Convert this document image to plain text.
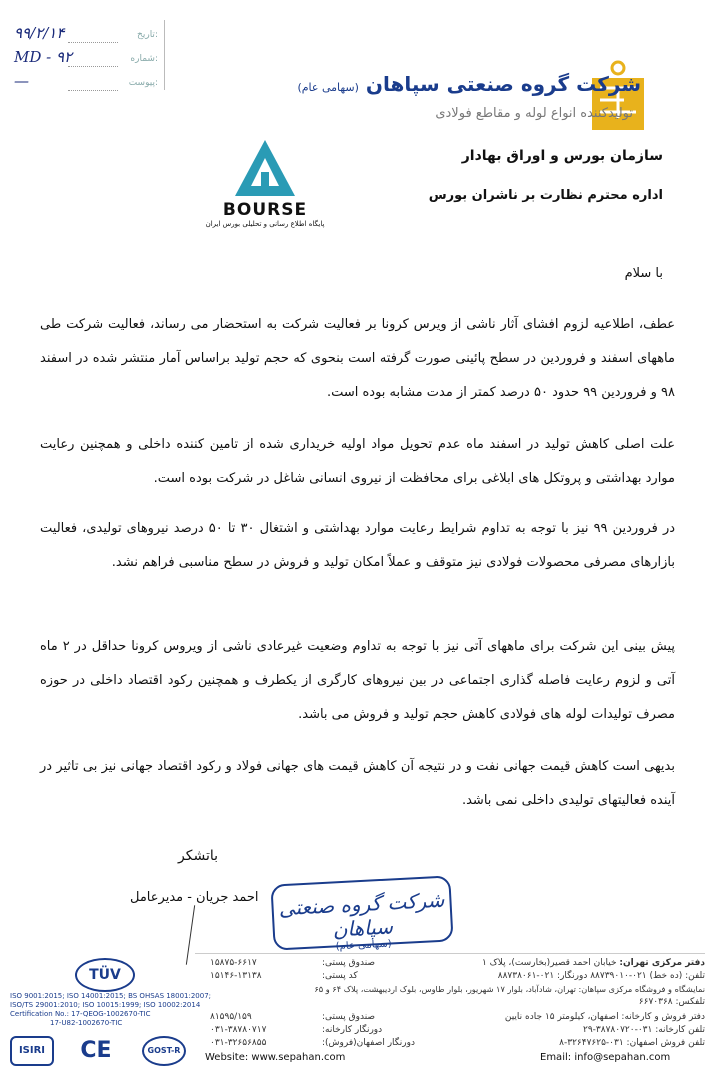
۹۹/۲/۱۴	تاریخ:
MD - ۹۲	شماره:
—	پیوست:	شرکت گروه صنعتی سپاهان (سهامی عام)
تولیدکننده انواع لوله و مقاطع فولادی
BOURSE
پایگاه اطلاع رسانی و تحلیلی بورس ایران
سازمان بورس و اوراق بهادار
اداره محترم نظارت بر ناشران بورس
با سلام
عطف، اطلاعیه لزوم افشای آثار ناشی از ویرس کرونا بر فعالیت شرکت به استحضار می رساند، فعالیت شرکت طی ماههای اسفند و فروردین در سطح پائینی صورت گرفته است بنحوی که حجم تولید براساس آمار منتشر شده در اسفند ۹۸ و فروردین ۹۹ حدود ۵۰ درصد کمتر از مدت مشابه بوده است.
علت اصلی کاهش تولید در اسفند ماه عدم تحویل مواد اولیه خریداری شده از تامین کننده داخلی و همچنین رعایت موارد بهداشتی و پروتکل های ابلاغی برای محافظت از نیروی انسانی شاغل در شرکت بوده است.
در فروردین ۹۹ نیز با توجه به تداوم شرایط رعایت موارد بهداشتی و اشتغال ۳۰ تا ۵۰ درصد نیروهای تولیدی، فعالیت بازارهای مصرفی محصولات فولادی نیز متوقف و عملاً امکان تولید و فروش در سطح مناسبی فراهم نشد.
پیش بینی این شرکت برای ماههای آتی نیز با توجه به تداوم وضعیت غیرعادی ناشی از ویروس کرونا حداقل در ۲ ماه آتی و لزوم رعایت فاصله گذاری اجتماعی در بین نیروهای کارگری از یکطرف و همچنین رکود اقتصاد داخلی در حوزه مصرف تولیدات لوله های فولادی کاهش حجم تولید و فروش می باشد.
بدیهی است کاهش قیمت جهانی نفت و در نتیجه آن کاهش قیمت های جهانی فولاد و رکود اقتصاد جهانی نیز بی تاثیر در آینده فعالیتهای تولیدی داخلی نمی باشد.
باتشکر
احمد جریان - مدیرعامل شرکت گروه صنعتی سپاهان
(سهامی عام)
TÜV
ISO 9001:2015; ISO 14001:2015; BS OHSAS 18001:2007;
ISO/TS 29001:2010; ISO 10015:1999; ISO 10002:2014
Certification No.: 17-QEOG-1002670-TIC
17-U82-1002670-TIC
ISIRI	CE	GOST-R
دفتر مرکزی تهران: خیابان احمد قصیر(بخارست)، پلاک ۱
تلفن: (ده خط) ۰۲۱-۸۸۷۳۹۰۱۰ دورنگار: ۰۲۱-۸۸۷۳۸۰۶۱
نمایشگاه و فروشگاه مرکزی سپاهان: تهران، شادآباد، بلوار ۱۷ شهریور، بلوار طاوس، بلوک اردیبهشت، پلاک ۶۴ و ۶۵
تلفکس: ۶۶۷۰۳۶۸
دفتر فروش و کارخانه: اصفهان، کیلومتر ۱۵ جاده نایین
تلفن کارخانه: ۰۳۱-۳۸۷۸۰۷۲۰-۲۹
تلفن فروش اصفهان: ۰۳۱-۳۲۶۴۷۶۲۵-۸
صندوق پستی:
۱۵۸۷۵-۶۶۱۷
کد پستی:
۱۵۱۴۶-۱۳۱۳۸
صندوق پستی:
۸۱۵۹۵/۱۵۹
دورنگار کارخانه:
۰۳۱-۳۸۷۸۰۷۱۷
دورنگار اصفهان(فروش):
۰۳۱-۳۲۶۵۶۸۵۵
Website: www.sepahan.com	Email: info@sepahan.com
